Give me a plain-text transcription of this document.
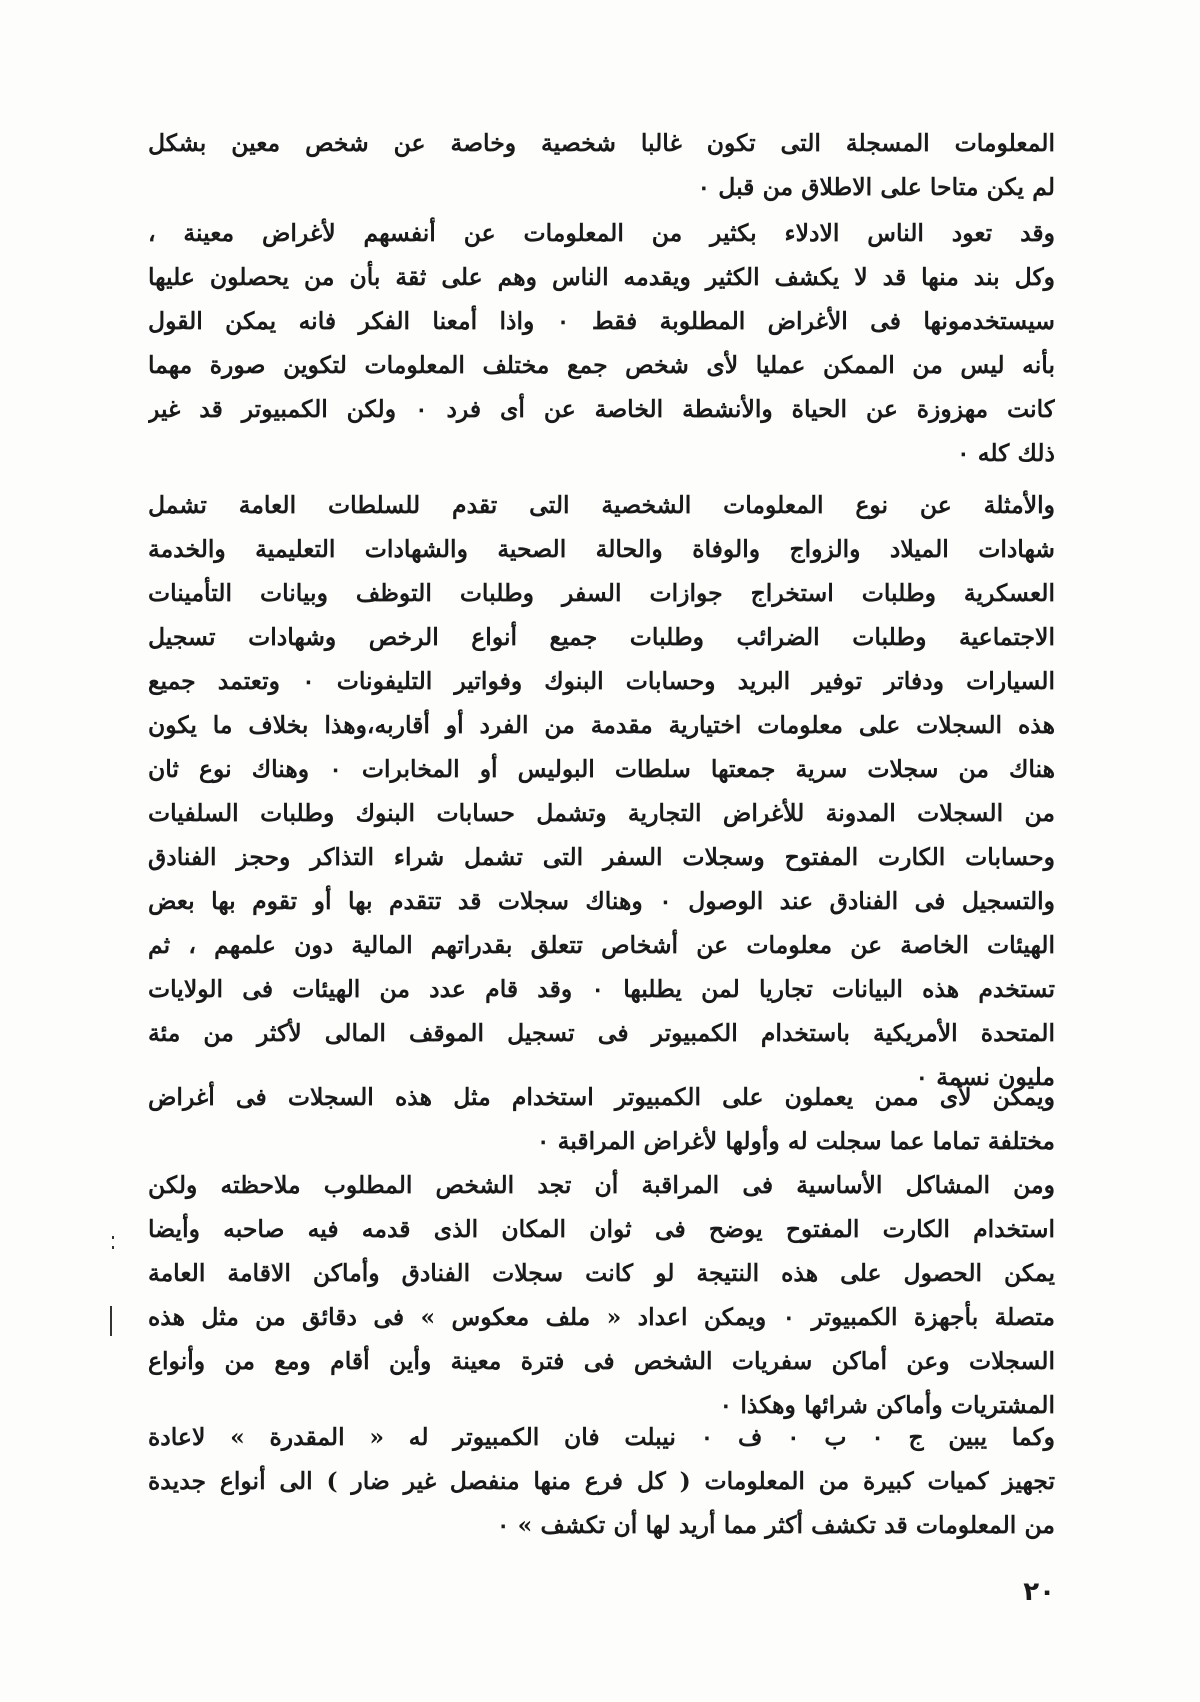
المعلومات المسجلة التى تكون غالبا شخصية وخاصة عن شخص معين بشكل
لم يكن متاحا على الاطلاق من قبل ٠
وقد تعود الناس الادلاء بكثير من المعلومات عن أنفسهم لأغراض معينة ،
وكل بند منها قد لا يكشف الكثير ويقدمه الناس وهم على ثقة بأن من يحصلون عليها
سيستخدمونها فى الأغراض المطلوبة فقط ٠ واذا أمعنا الفكر فانه يمكن القول
بأنه ليس من الممكن عمليا لأى شخص جمع مختلف المعلومات لتكوين صورة مهما
كانت مهزوزة عن الحياة والأنشطة الخاصة عن أى فرد ٠ ولكن الكمبيوتر قد غير
ذلك كله ٠
والأمثلة عن نوع المعلومات الشخصية التى تقدم للسلطات العامة تشمل
شهادات الميلاد والزواج والوفاة والحالة الصحية والشهادات التعليمية والخدمة
العسكرية وطلبات استخراج جوازات السفر وطلبات التوظف وبيانات التأمينات
الاجتماعية وطلبات الضرائب وطلبات جميع أنواع الرخص وشهادات تسجيل
السيارات ودفاتر توفير البريد وحسابات البنوك وفواتير التليفونات ٠ وتعتمد جميع
هذه السجلات على معلومات اختيارية مقدمة من الفرد أو أقاربه،وهذا بخلاف ما يكون
هناك من سجلات سرية جمعتها سلطات البوليس أو المخابرات ٠ وهناك نوع ثان
من السجلات المدونة للأغراض التجارية وتشمل حسابات البنوك وطلبات السلفيات
وحسابات الكارت المفتوح وسجلات السفر التى تشمل شراء التذاكر وحجز الفنادق
والتسجيل فى الفنادق عند الوصول ٠ وهناك سجلات قد تتقدم بها أو تقوم بها بعض
الهيئات الخاصة عن معلومات عن أشخاص تتعلق بقدراتهم المالية دون علمهم ، ثم
تستخدم هذه البيانات تجاريا لمن يطلبها ٠ وقد قام عدد من الهيئات فى الولايات
المتحدة الأمريكية باستخدام الكمبيوتر فى تسجيل الموقف المالى لأكثر من مئة
مليون نسمة ٠
ويمكن لأى ممن يعملون على الكمبيوتر استخدام مثل هذه السجلات فى أغراض
مختلفة تماما عما سجلت له وأولها لأغراض المراقبة ٠
ومن المشاكل الأساسية فى المراقبة أن تجد الشخص المطلوب ملاحظته ولكن
استخدام الكارت المفتوح يوضح فى ثوان المكان الذى قدمه فيه صاحبه وأيضا
يمكن الحصول على هذه النتيجة لو كانت سجلات الفنادق وأماكن الاقامة العامة
متصلة بأجهزة الكمبيوتر ٠ ويمكن اعداد « ملف معكوس » فى دقائق من مثل هذه
السجلات وعن أماكن سفريات الشخص فى فترة معينة وأين أقام ومع من وأنواع
المشتريات وأماكن شرائها وهكذا ٠
وكما يبين ج ٠ ب ٠ ف ٠ نيبلت فان الكمبيوتر له « المقدرة » لاعادة
تجهيز كميات كبيرة من المعلومات ( كل فرع منها منفصل غير ضار ) الى أنواع جديدة
من المعلومات قد تكشف أكثر مما أريد لها أن تكشف » ٠
٢٠
